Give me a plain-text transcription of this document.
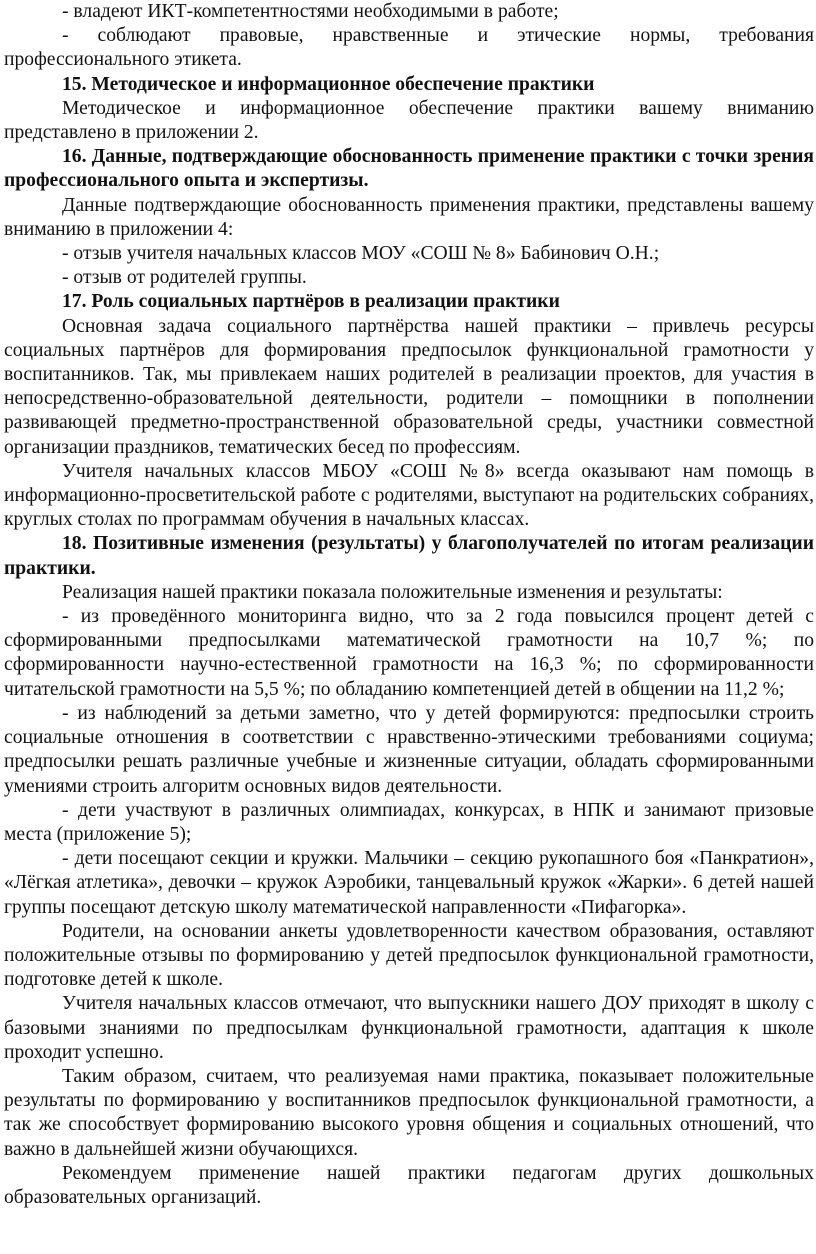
- владеют ИКТ-компетентностями необходимыми в работе;

- соблюдают правовые, нравственные и этические нормы, требования профессионального этикета.

15. Методическое и информационное обеспечение практики

Методическое и информационное обеспечение практики вашему вниманию представлено в приложении 2.

16. Данные, подтверждающие обоснованность применение практики с точки зрения профессионального опыта и экспертизы.

Данные подтверждающие обоснованность применения практики, представлены вашему вниманию в приложении 4:

- отзыв учителя начальных классов МОУ «СОШ № 8» Бабинович О.Н.;

- отзыв от родителей группы.

17. Роль социальных партнёров в реализации практики

Основная задача социального партнёрства нашей практики – привлечь ресурсы социальных партнёров для формирования предпосылок функциональной грамотности у воспитанников. Так, мы привлекаем наших родителей в реализации проектов, для участия в непосредственно-образовательной деятельности, родители – помощники в пополнении развивающей предметно-пространственной образовательной среды, участники совместной организации праздников, тематических бесед по профессиям.

Учителя начальных классов МБОУ «СОШ №8» всегда оказывают нам помощь в информационно-просветительской работе с родителями, выступают на родительских собраниях, круглых столах по программам обучения в начальных классах.

18. Позитивные изменения (результаты) у благополучателей по итогам реализации практики.

Реализация нашей практики показала положительные изменения и результаты:

- из проведённого мониторинга видно, что за 2 года повысился процент детей с сформированными предпосылками математической грамотности на 10,7 %; по сформированности научно-естественной грамотности на 16,3 %; по сформированности читательской грамотности на 5,5 %; по обладанию компетенцией детей в общении на 11,2 %;

- из наблюдений за детьми заметно, что у детей формируются: предпосылки строить социальные отношения в соответствии с нравственно-этическими требованиями социума; предпосылки решать различные учебные и жизненные ситуации, обладать сформированными умениями строить алгоритм основных видов деятельности.

- дети участвуют в различных олимпиадах, конкурсах, в НПК и занимают призовые места (приложение 5);

- дети посещают секции и кружки. Мальчики – секцию рукопашного боя «Панкратион», «Лёгкая атлетика», девочки – кружок Аэробики, танцевальный кружок «Жарки». 6 детей нашей группы посещают детскую школу математической направленности «Пифагорка».

Родители, на основании анкеты удовлетворенности качеством образования, оставляют положительные отзывы по формированию у детей предпосылок функциональной грамотности, подготовке детей к школе.

Учителя начальных классов отмечают, что выпускники нашего ДОУ приходят в школу с базовыми знаниями по предпосылкам функциональной грамотности, адаптация к школе проходит успешно.

Таким образом, считаем, что реализуемая нами практика, показывает положительные результаты по формированию у воспитанников предпосылок функциональной грамотности, а так же способствует формированию высокого уровня общения и социальных отношений, что важно в дальнейшей жизни обучающихся.

Рекомендуем применение нашей практики педагогам других дошкольных образовательных организаций.
